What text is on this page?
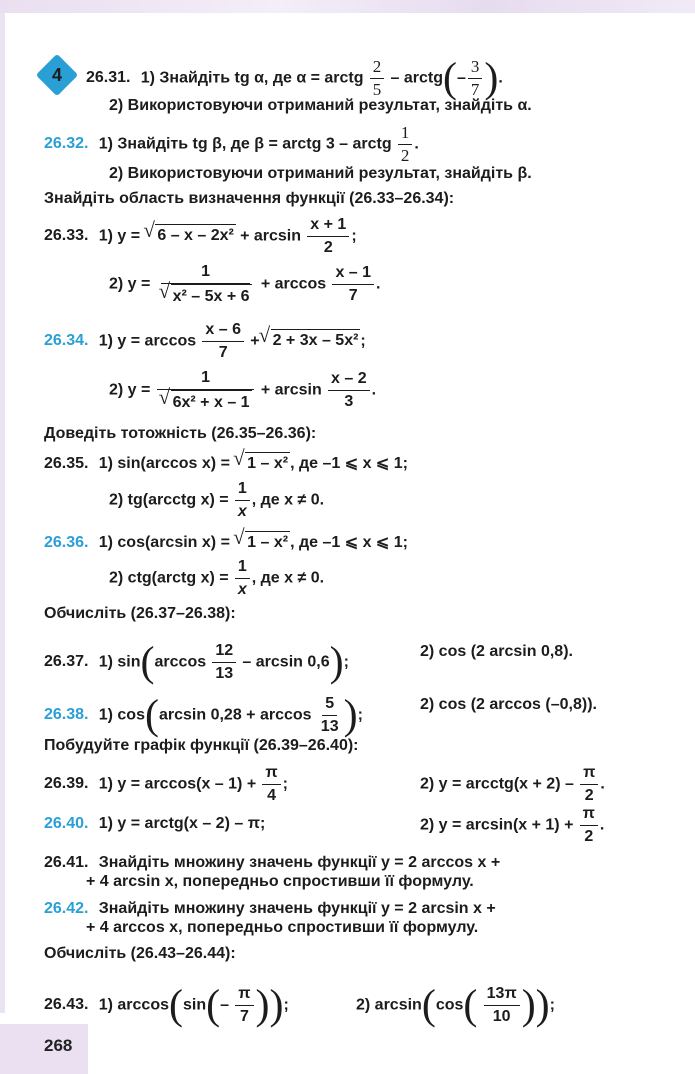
4	26.31. 1) Знайдіть tg α, де α = arctg $\frac{2}{5}$ – arctg(– $\frac{3}{7}$ ).
2) Використовуючи отриманий результат, знайдіть α.
26.32. 1) Знайдіть tg β, де β = arctg 3 – arctg $\frac{1}{2}$ .
2) Використовуючи отриманий результат, знайдіть β.
Знайдіть область визначення функції (26.33–26.34):
26.33. 1) y = √ $6 - x - 2x^2 + \arcsin \frac{x + 1}{2}$ ;
2) y = 1
√ $x^2 - 5x + 6 + \arccos \frac{x - 1}{7}$ .
26.34. 1) $y = \arccos \frac{x - 6}{7}$ + √ 2 + 3x – 5x² ;
2) y = 1
√ $6x^2 + x - 1 + \arcsin \frac{x - 2}{3}$ .
Доведіть тотожність (26.35–26.36):
26.35. 1) sin(arccos x) = √ 1 – x² , де –1 ⩽ x ⩽ 1;
2) tg(arcctg $x) = \frac{1}{x}$ , де x ≠ 0.
26.36. 1) cos(arcsin x) = √ 1 – x² , де –1 ⩽ x ⩽ 1;
2) ctg(arctg $x) = \frac{1}{x}$ , де x ≠ 0.
Обчисліть (26.37–26.38):
26.37. 1) $\sin(\arccos \frac{12}{13}$ – arcsin 0,6);
2) cos (2 arcsin 0,8).
26.38. 1) cos(arcsin $0,28 + \arccos \frac{5}{13}$ );
2) cos (2 arccos (–0,8)).
Побудуйте графік функції (26.39–26.40):
26.39. 1) $y = \arccos(x - 1) + \frac{\pi}{4}$ ;	2) y = arcctg(x + $2) - \frac{\pi}{2}$ .
26.40. 1) y = arctg(x – 2) – π;	2) $y = \arcsin(x + 1) + \frac{\pi}{2}$ .
26.41. Знайдіть множину значень функції y = 2 arccos x +
+ 4 arcsin x, попередньо спростивши її формулу.
26.42. Знайдіть множину значень функції y = 2 arcsin x +
+ 4 arccos x, попередньо спростивши її формулу.
Обчисліть (26.43–26.44):
26.43. 1) $\arccos(\sin(- \frac{\pi}{7}$ ));	2) $\arcsin(\cos( \frac{13\pi}{10}$ ));
268
